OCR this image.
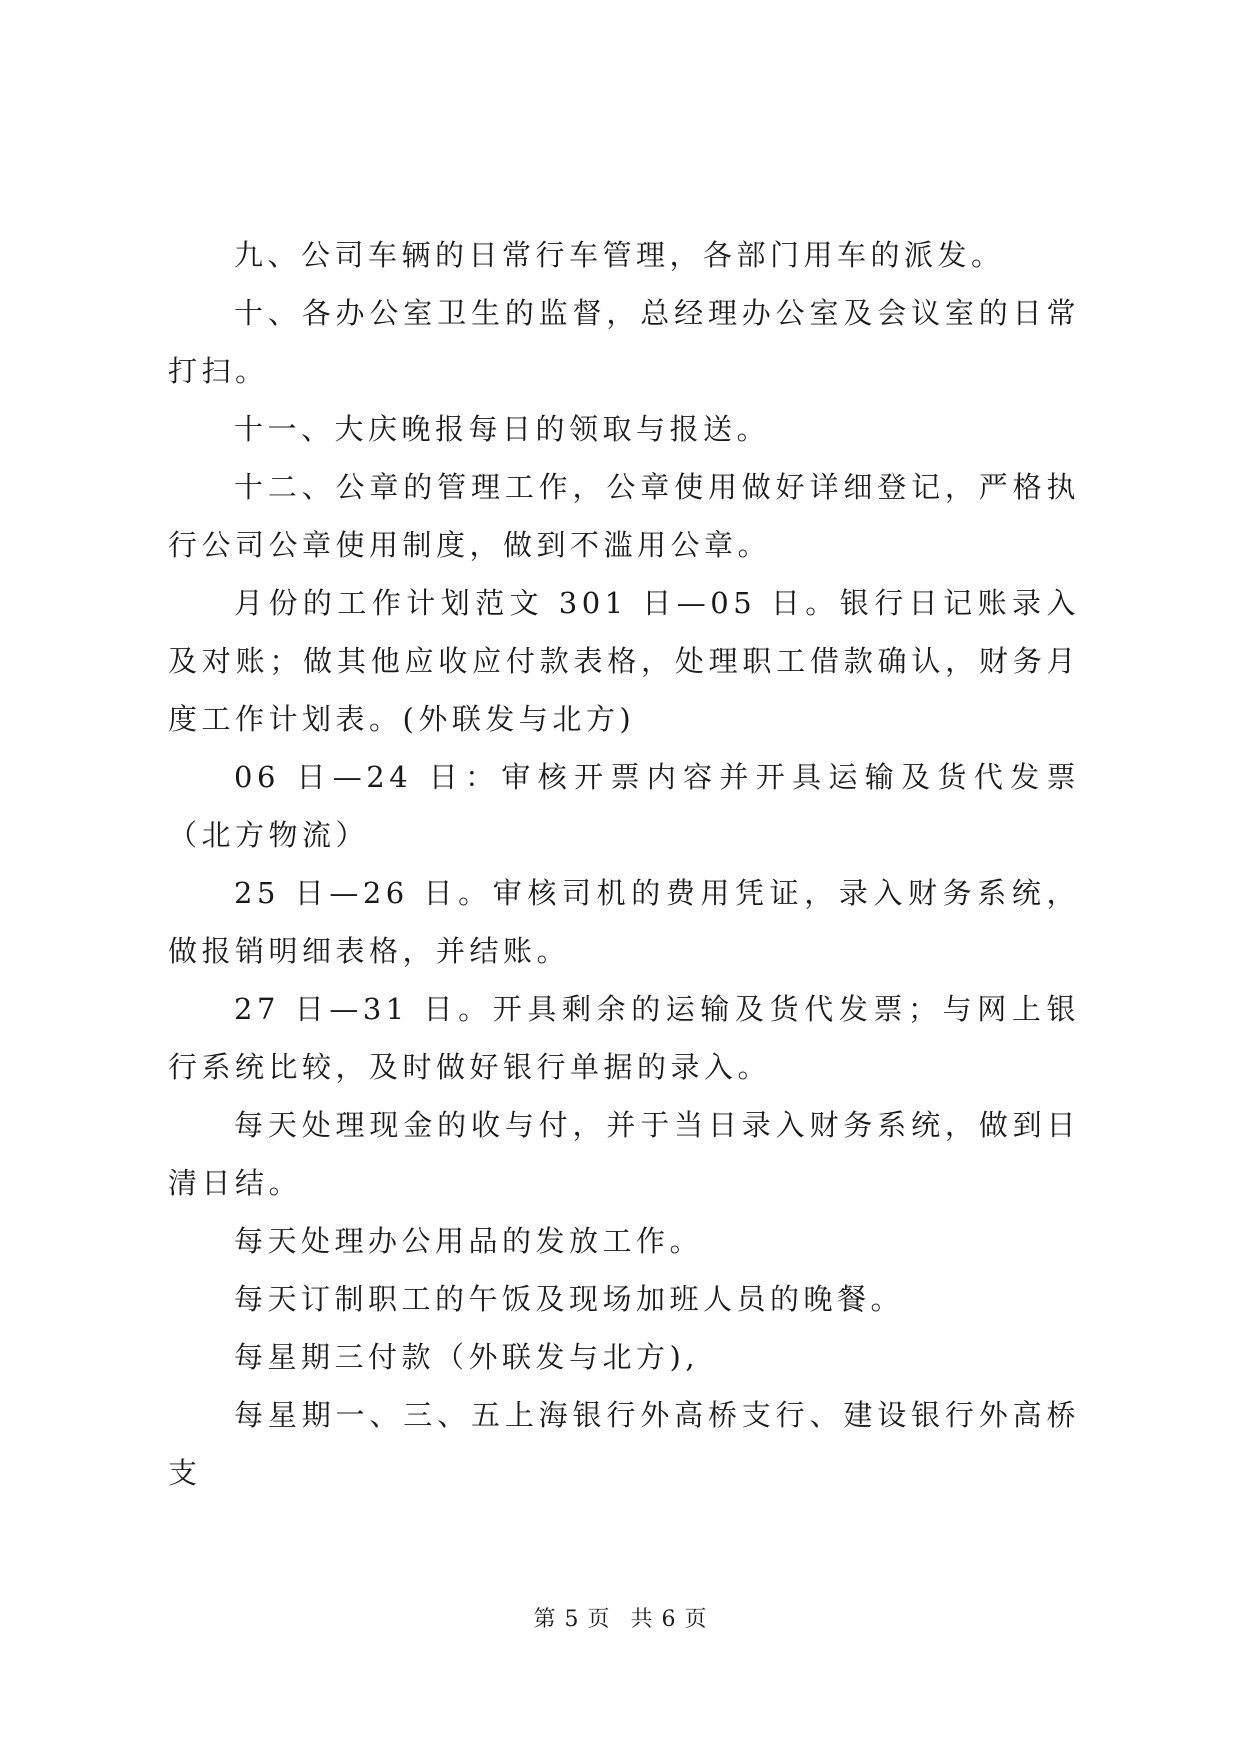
九、公司车辆的日常行车管理，各部门用车的派发。

十、各办公室卫生的监督，总经理办公室及会议室的日常打扫。

十一、大庆晚报每日的领取与报送。

十二、公章的管理工作，公章使用做好详细登记，严格执行公司公章使用制度，做到不滥用公章。

月份的工作计划范文 301 日—05 日。银行日记账录入及对账；做其他应收应付款表格，处理职工借款确认，财务月度工作计划表。(外联发与北方)

06 日—24 日：审核开票内容并开具运输及货代发票（北方物流）

25 日—26 日。审核司机的费用凭证，录入财务系统，做报销明细表格，并结账。

27 日—31 日。开具剩余的运输及货代发票；与网上银行系统比较，及时做好银行单据的录入。

每天处理现金的收与付，并于当日录入财务系统，做到日清日结。

每天处理办公用品的发放工作。

每天订制职工的午饭及现场加班人员的晚餐。

每星期三付款（外联发与北方),

每星期一、三、五上海银行外高桥支行、建设银行外高桥支

第 5 页 共 6 页
